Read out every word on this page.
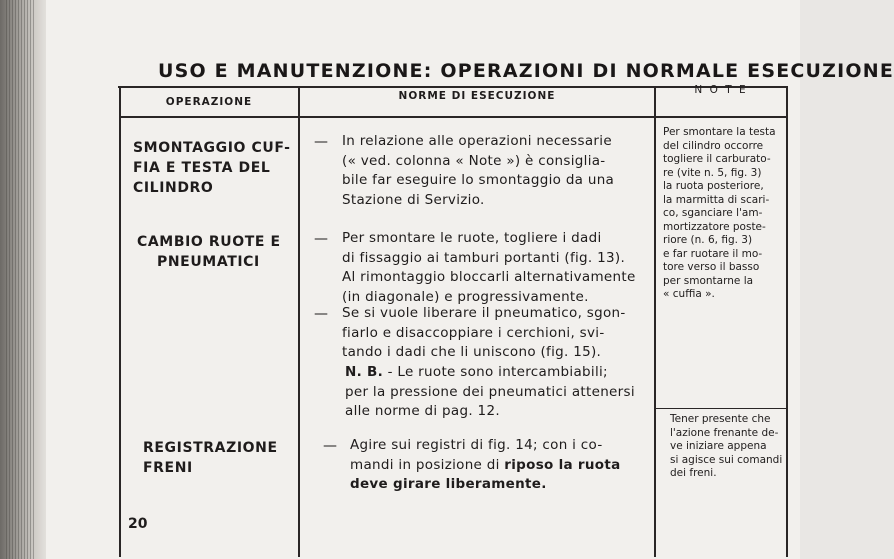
USO E MANUTENZIONE: OPERAZIONI DI NORMALE ESECUZIONE
OPERAZIONE	NORME DI ESECUZIONE	N O T E
SMONTAGGIO CUF-
FIA E TESTA DEL
CILINDRO
— In relazione alle operazioni necessarie
(« ved. colonna « Note ») è consiglia-
bile far eseguire lo smontaggio da una
Stazione di Servizio.
CAMBIO RUOTE E
PNEUMATICI
— Per smontare le ruote, togliere i dadi
di fissaggio ai tamburi portanti (fig. 13).
Al rimontaggio bloccarli alternativamente
(in diagonale) e progressivamente.
— Se si vuole liberare il pneumatico, sgon-
fiarlo e disaccoppiare i cerchioni, svi-
tando i dadi che li uniscono (fig. 15).
N. B. - Le ruote sono intercambiabili;
per la pressione dei pneumatici attenersi
alle norme di pag. 12.
REGISTRAZIONE
FRENI
— Agire sui registri di fig. 14; con i co-
mandi in posizione di riposo la ruota
deve girare liberamente.
Per smontare la testa
del cilindro occorre
togliere il carburato-
re (vite n. 5, fig. 3)
la ruota posteriore,
la marmitta di scari-
co, sganciare l'am-
mortizzatore poste-
riore (n. 6, fig. 3)
e far ruotare il mo-
tore verso il basso
per smontarne la
« cuffia ».
Tener presente che
l'azione frenante de-
ve iniziare appena
si agisce sui comandi
dei freni.
20
